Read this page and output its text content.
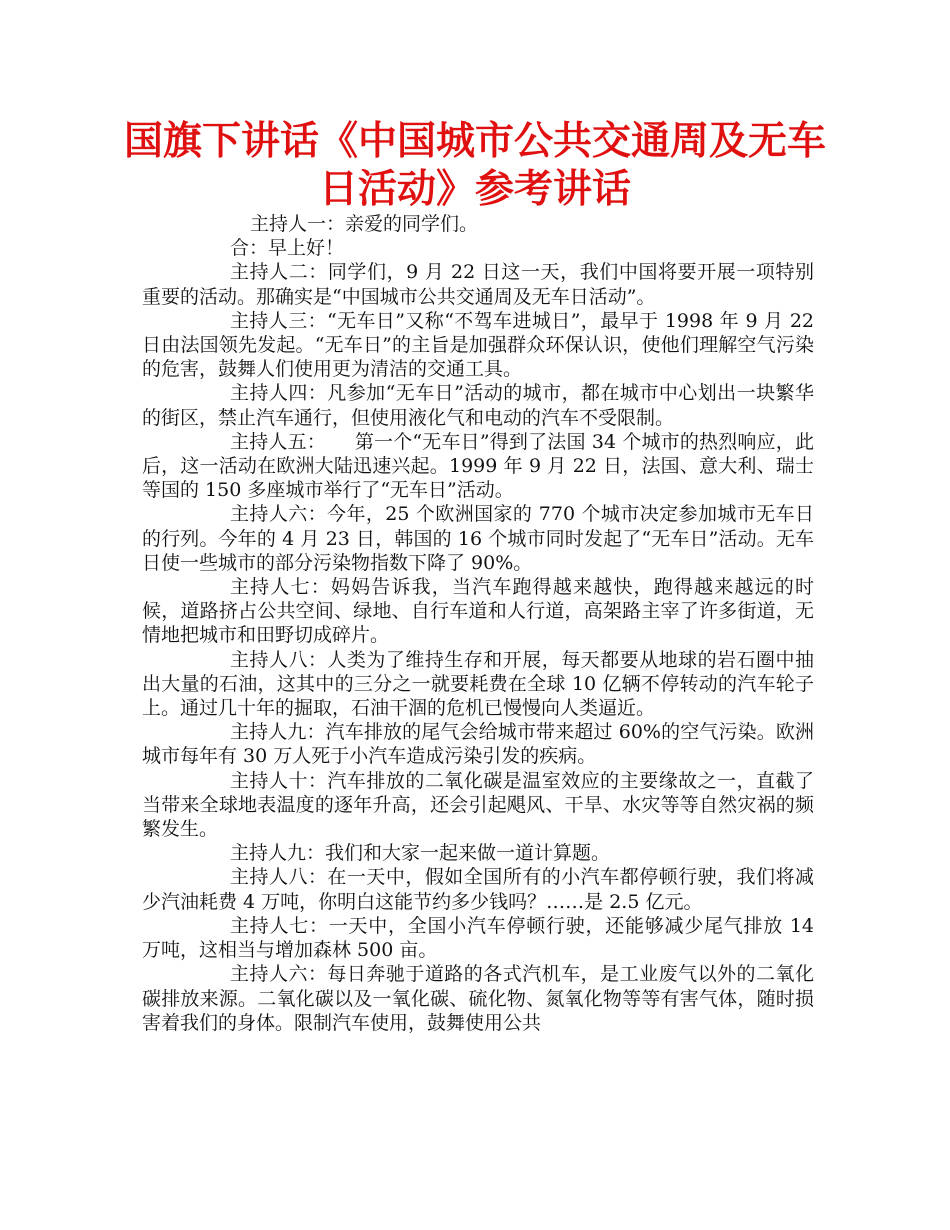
国旗下讲话《中国城市公共交通周及无车
日活动》参考讲话

主持人一：亲爱的同学们。

合：早上好！

主持人二：同学们，9 月 22 日这一天，我们中国将要开展一项特别重要的活动。那确实是“中国城市公共交通周及无车日活动”。

主持人三：“无车日”又称“不驾车进城日”，最早于 1998 年 9 月 22 日由法国领先发起。“无车日”的主旨是加强群众环保认识，使他们理解空气污染的危害，鼓舞人们使用更为清洁的交通工具。

主持人四：凡参加“无车日”活动的城市，都在城市中心划出一块繁华的街区，禁止汽车通行，但使用液化气和电动的汽车不受限制。

主持人五：　　第一个“无车日”得到了法国 34 个城市的热烈响应，此后，这一活动在欧洲大陆迅速兴起。1999 年 9 月 22 日，法国、意大利、瑞士等国的 150 多座城市举行了“无车日”活动。

主持人六：今年，25 个欧洲国家的 770 个城市决定参加城市无车日的行列。今年的 4 月 23 日，韩国的 16 个城市同时发起了“无车日”活动。无车日使一些城市的部分污染物指数下降了 90%。

主持人七：妈妈告诉我，当汽车跑得越来越快，跑得越来越远的时候，道路挤占公共空间、绿地、自行车道和人行道，高架路主宰了许多街道，无情地把城市和田野切成碎片。

主持人八：人类为了维持生存和开展，每天都要从地球的岩石圈中抽出大量的石油，这其中的三分之一就要耗费在全球 10 亿辆不停转动的汽车轮子上。通过几十年的掘取，石油干涸的危机已慢慢向人类逼近。

主持人九：汽车排放的尾气会给城市带来超过 60%的空气污染。欧洲城市每年有 30 万人死于小汽车造成污染引发的疾病。

主持人十：汽车排放的二氧化碳是温室效应的主要缘故之一，直截了当带来全球地表温度的逐年升高，还会引起飓风、干旱、水灾等等自然灾祸的频繁发生。

主持人九：我们和大家一起来做一道计算题。

主持人八：在一天中，假如全国所有的小汽车都停顿行驶，我们将减少汽油耗费 4 万吨，你明白这能节约多少钱吗？……是 2.5 亿元。

主持人七：一天中，全国小汽车停顿行驶，还能够减少尾气排放 14 万吨，这相当与增加森林 500 亩。

主持人六：每日奔驰于道路的各式汽机车，是工业废气以外的二氧化碳排放来源。二氧化碳以及一氧化碳、硫化物、氮氧化物等等有害气体，随时损害着我们的身体。限制汽车使用，鼓舞使用公共
